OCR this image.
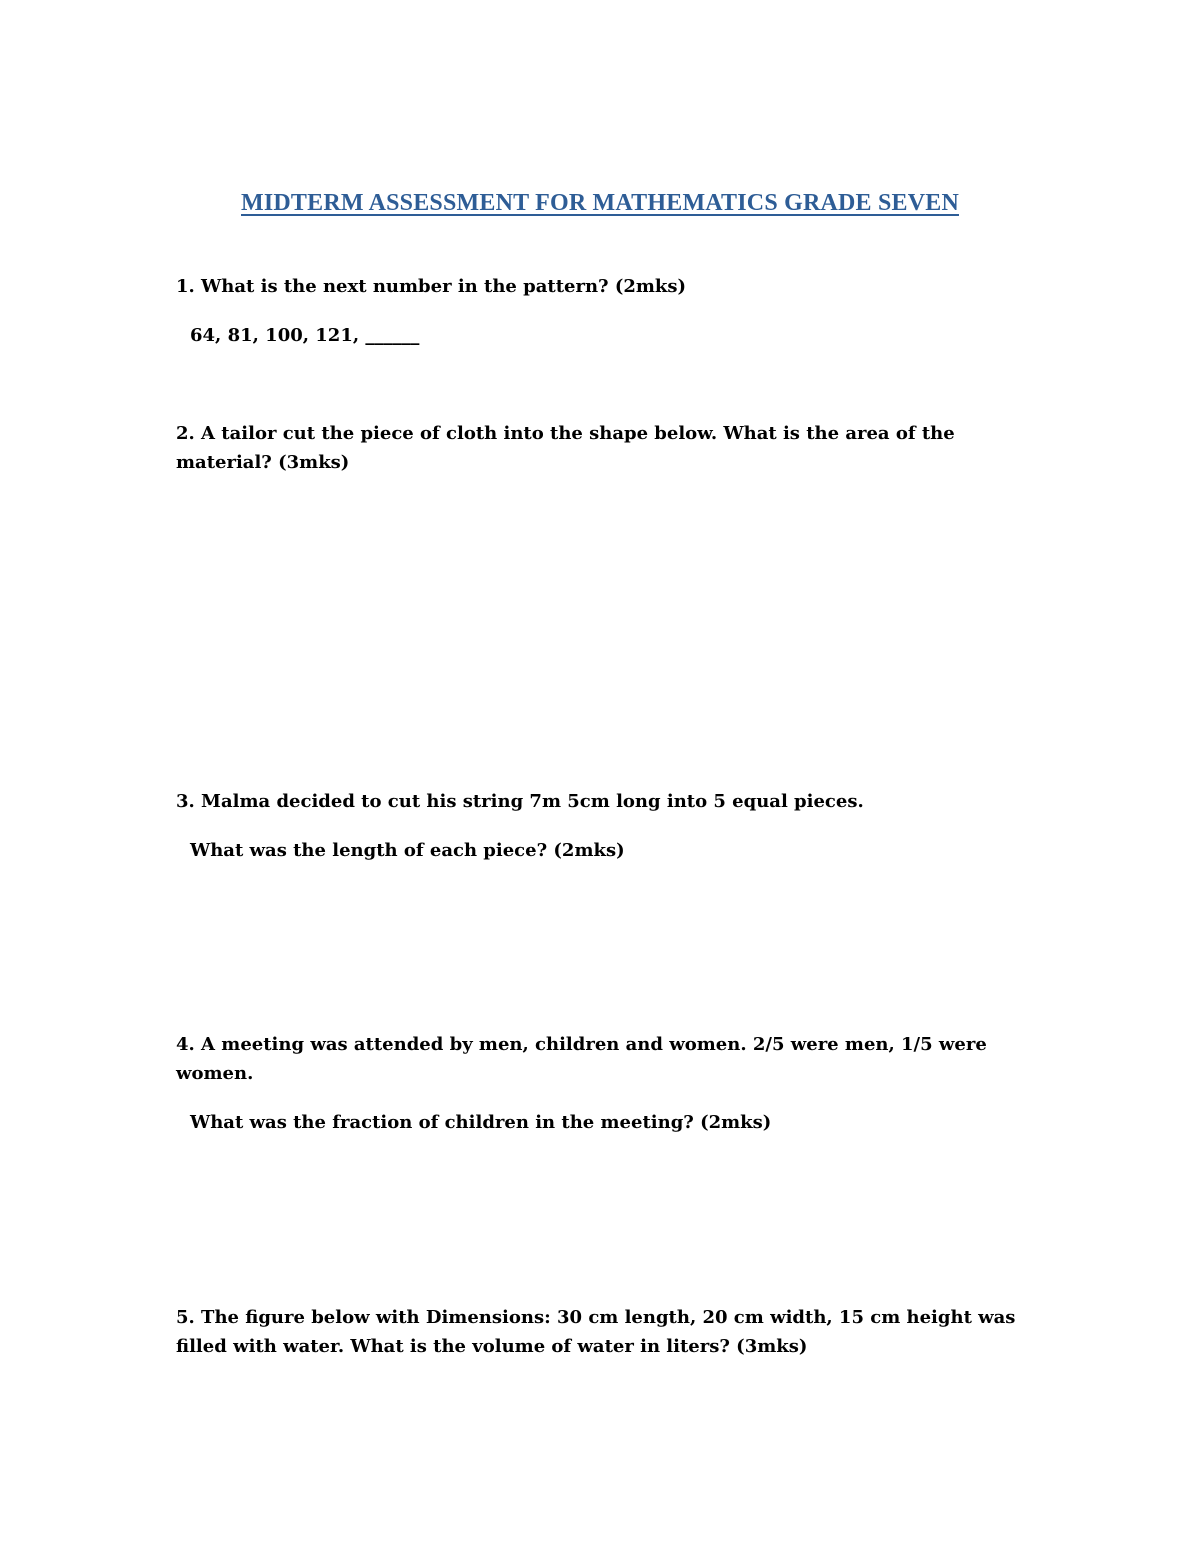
MIDTERM ASSESSMENT FOR MATHEMATICS GRADE SEVEN
1. What is the next number in the pattern? (2mks)
64, 81, 100, 121, ______
2. A tailor cut the piece of cloth into the shape below. What is the area of the material? (3mks)
3. Malma decided to cut his string 7m 5cm long into 5 equal pieces.
What was the length of each piece? (2mks)
4. A meeting was attended by men, children and women. 2/5 were men, 1/5 were women.
What was the fraction of children in the meeting? (2mks)
5. The figure below with Dimensions: 30 cm length, 20 cm width, 15 cm height was filled with water. What is the volume of water in liters? (3mks)
